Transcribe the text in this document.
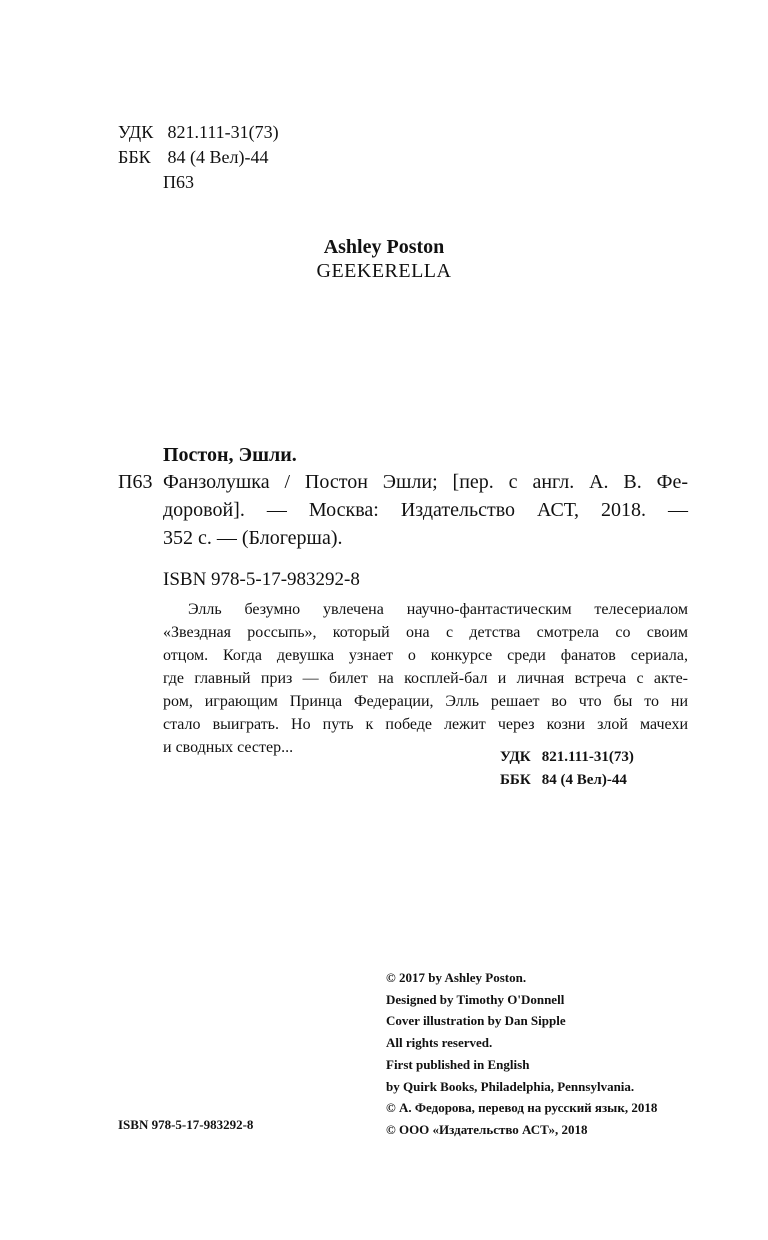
УДК 821.111-31(73)
ББК 84 (4 Вел)-44
П63
Ashley Poston
GEEKERELLA
Постон, Эшли.
П63 Фанзолушка / Постон Эшли; [пер. с англ. А. В. Фе-
доровой]. — Москва: Издательство АСТ, 2018. —
352 с. — (Блогерша).
ISBN 978-5-17-983292-8
Элль безумно увлечена научно-фантастическим телесериалом
«Звездная россыпь», который она с детства смотрела со своим
отцом. Когда девушка узнает о конкурсе среди фанатов сериала,
где главный приз — билет на косплей-бал и личная встреча с акте-
ром, играющим Принца Федерации, Элль решает во что бы то ни
стало выиграть. Но путь к победе лежит через козни злой мачехи
и сводных сестер...
УДК 821.111-31(73)
ББК 84 (4 Вел)-44
© 2017 by Ashley Poston.
Designed by Timothy O'Donnell
Cover illustration by Dan Sipple
All rights reserved.
First published in English
by Quirk Books, Philadelphia, Pennsylvania.
© А. Федорова, перевод на русский язык, 2018
© ООО «Издательство АСТ», 2018
ISBN 978-5-17-983292-8
